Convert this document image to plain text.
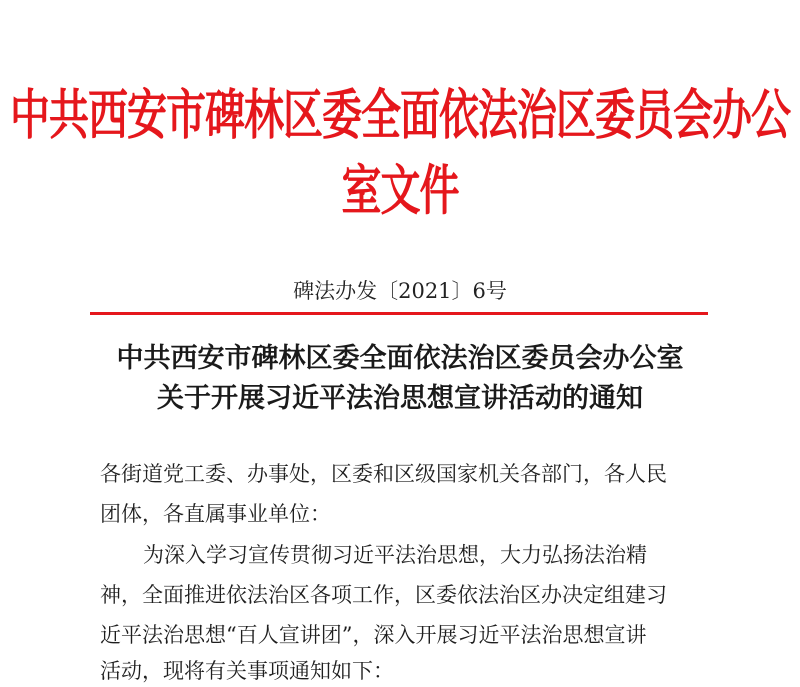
中共西安市碑林区委全面依法治区委员会办公室文件
碑法办发〔2021〕6号
中共西安市碑林区委全面依法治区委员会办公室
关于开展习近平法治思想宣讲活动的通知
各街道党工委、办事处，区委和区级国家机关各部门，各人民
团体，各直属事业单位：
为深入学习宣传贯彻习近平法治思想，大力弘扬法治精
神，全面推进依法治区各项工作，区委依法治区办决定组建习
近平法治思想“百人宣讲团”，深入开展习近平法治思想宣讲
活动，现将有关事项通知如下：
